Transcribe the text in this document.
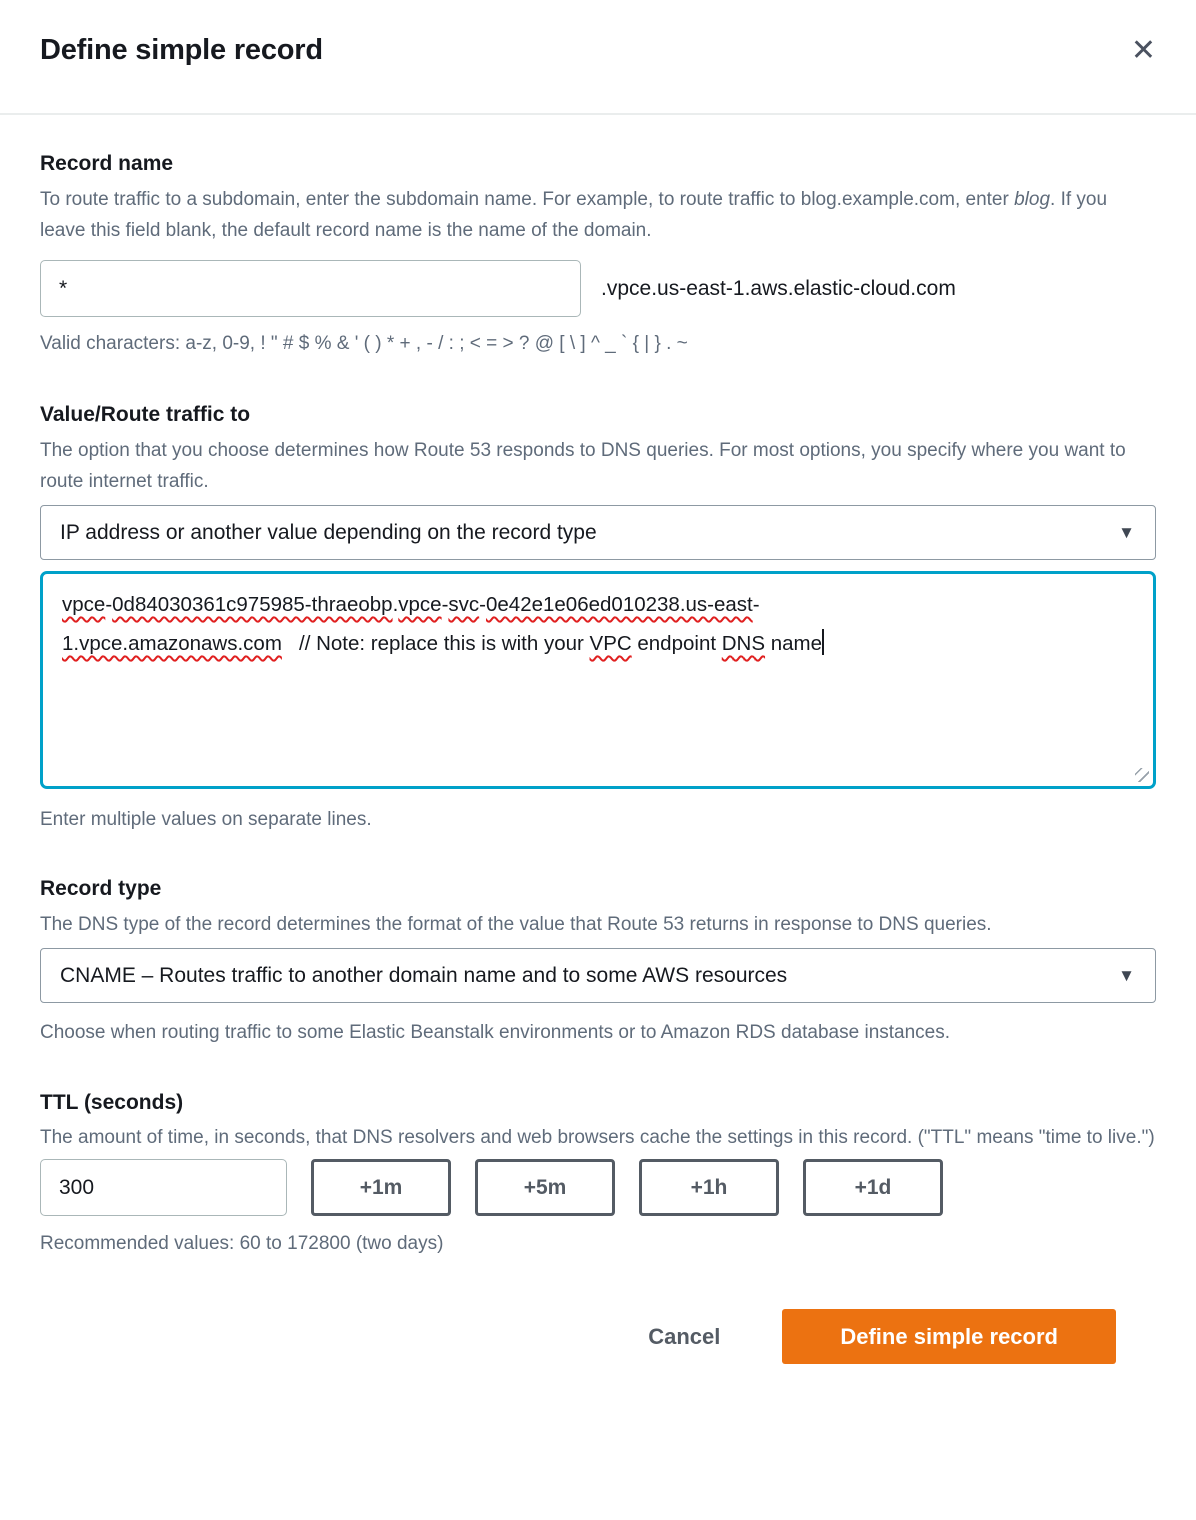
Define simple record	✕
Record name

To route traffic to a subdomain, enter the subdomain name. For example, to route traffic to blog.example.com, enter blog. If you leave this field blank, the default record name is the name of the domain.

*
.vpce.us-east-1.aws.elastic-cloud.com

Valid characters: a-z, 0-9, ! " # $ % & ' ( ) * + , - / : ; < = > ? @ [ \ ] ^ _ ` { | } . ~

Value/Route traffic to

The option that you choose determines how Route 53 responds to DNS queries. For most options, you specify where you want to route internet traffic.

IP address or another value depending on the record type	▼
vpce-0d84030361c975985-thraeobp.vpce-svc-0e42e1e06ed010238.us-east-
1.vpce.amazonaws.com   // Note: replace this is with your VPC endpoint DNS name

Enter multiple values on separate lines.

Record type

The DNS type of the record determines the format of the value that Route 53 returns in response to DNS queries.

CNAME – Routes traffic to another domain name and to some AWS resources	▼

Choose when routing traffic to some Elastic Beanstalk environments or to Amazon RDS database instances.

TTL (seconds)

The amount of time, in seconds, that DNS resolvers and web browsers cache the settings in this record. ("TTL" means "time to live.")

300
+1m	+5m	+1h	+1d

Recommended values: 60 to 172800 (two days)

Cancel	Define simple record
